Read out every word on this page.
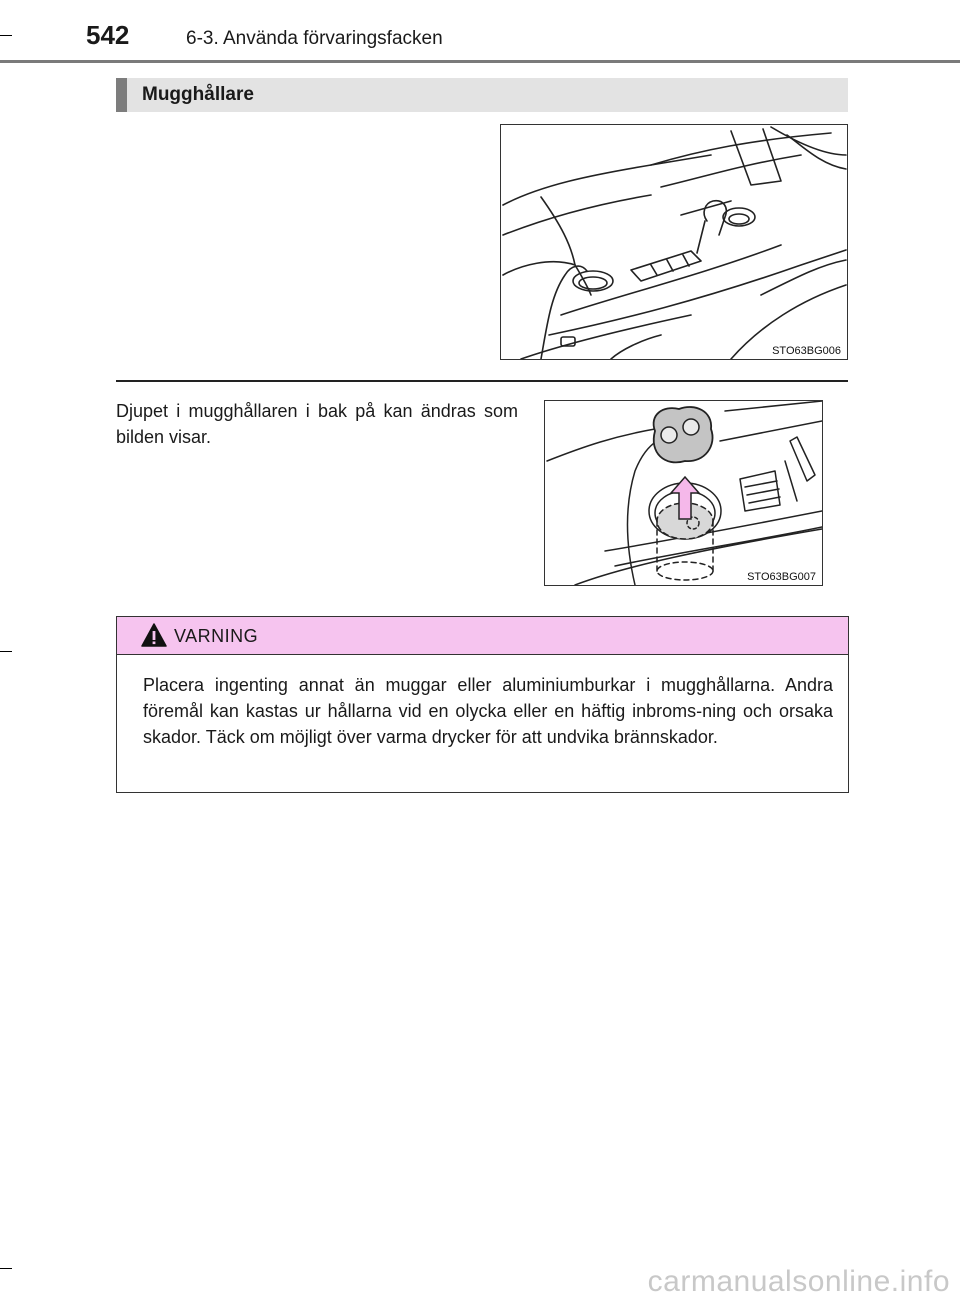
542	6-3. Använda förvaringsfacken
Mugghållare
STO63BG006
Djupet i mugghållaren i bak på kan ändras som bilden visar.
STO63BG007
VARNING
Placera ingenting annat än muggar eller aluminiumburkar i mugghållarna. Andra föremål kan kastas ur hållarna vid en olycka eller en häftig inbroms-ning och orsaka skador. Täck om möjligt över varma drycker för att undvika brännskador.
carmanualsonline.info
